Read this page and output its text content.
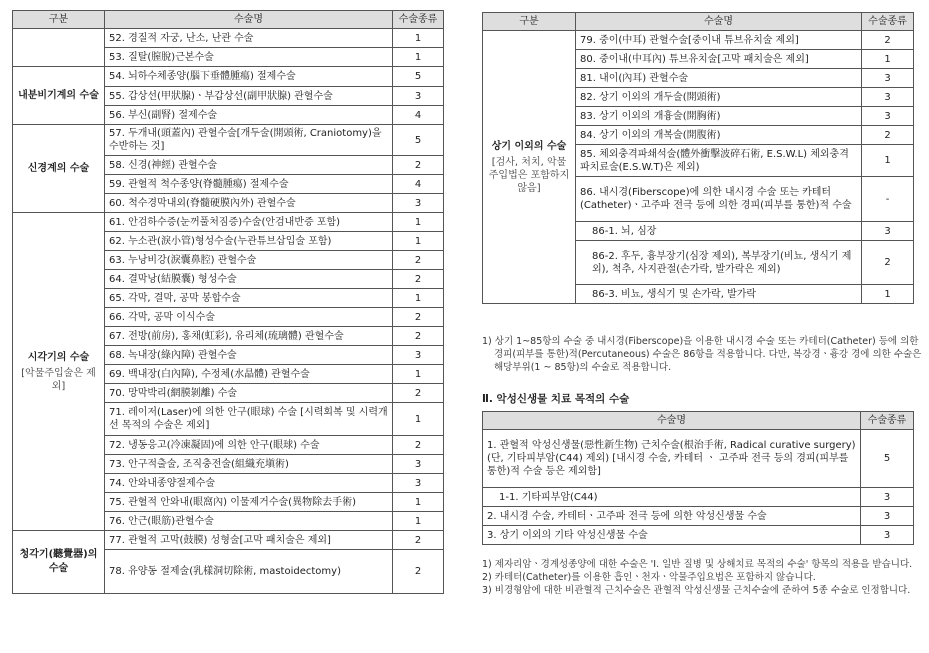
구분	수술명	수술종류
	52. 경질적 자궁, 난소, 난관 수술	1
	53. 질탈(膣脫)근본수술	1
내분비기계의 수술	54. 뇌하수체종양(腦下垂體腫瘍) 절제수술	5
	55. 갑상선(甲狀腺)ㆍ부갑상선(副甲狀腺) 관혈수술	3
	56. 부신(副腎) 절제수술	4
신경계의 수술	57. 두개내(頭蓋內) 관혈수술[개두술(開頭術, Craniotomy)을 수반하는 것]	5
	58. 신경(神經) 관혈수술	2
	59. 관혈적 척수종양(脊髓腫瘍) 절제수술	4
	60. 척수경막내외(脊髓硬膜內外) 관혈수술	3
시각기의 수술
[악물주입술은 제외]	61. 안검하수증(눈꺼풀처짐증)수술(안검내반증 포함)	1
	62. 누소관(淚小管)형성수술(누관튜브삽입술 포함)	1
	63. 누낭비강(淚囊鼻腔) 관혈수술	2
	64. 결막낭(結膜囊) 형성수술	2
	65. 각막, 결막, 공막 봉합수술	1
	66. 각막, 공막 이식수술	2
	67. 전방(前房), 홍채(虹彩), 유리체(琉璃體) 관혈수술	2
	68. 녹내장(綠內障) 관혈수술	3
	69. 백내장(白內障), 수정체(水晶體) 관혈수술	1
	70. 망막박리(網膜剝離) 수술	2
	71. 레이저(Laser)에 의한 안구(眼球) 수술 [시력회복 및 시력개선 목적의 수술은 제외]	1
	72. 냉동응고(冷凍凝固)에 의한 안구(眼球) 수술	2
	73. 안구적출술, 조직충전술(組織充塡術)	3
	74. 안와내종양절제수술	3
	75. 관혈적 안와내(眼窩內) 이물제거수술(異物除去手術)	1
	76. 안근(眼筋)관혈수술	1
청각기(聽覺器)의 수술	77. 관혈적 고막(鼓膜) 성형술[고막 패치술은 제외]	2
	78. 유양동 절제술(乳樣洞切除術, mastoidectomy)	2
구분	수술명	수술종류
상기 이외의 수술
[검사, 처치, 악물주입법은 포함하지 않음]	79. 중이(中耳) 관혈수술[중이내 튜브유치술 제외]	2
	80. 중이내(中耳內) 튜브유치술[고막 패치술은 제외]	1
	81. 내이(內耳) 관혈수술	3
	82. 상기 이외의 개두술(開頭術)	3
	83. 상기 이외의 개흉술(開胸術)	3
	84. 상기 이외의 개복술(開腹術)	2
	85. 체외충격파쇄석술(體外衝擊波碎石術, E.S.W.L) 체외충격파치료술(E.S.W.T)은 제외)	1
	86. 내시경(Fiberscope)에 의한 내시경 수술 또는 카테터(Catheter)ㆍ고주파 전극 등에 의한 경피(피부를 통한)적 수술	-
	86-1. 뇌, 심장	3
	86-2. 후두, 흉부장기(심장 제외), 복부장기(비뇨, 생식기 제외), 척추, 사지관절(손가락, 발가락은 제외)	2
	86-3. 비뇨, 생식기 및 손가락, 발가락	1

1) 상기 1~85항의 수술 중 내시경(Fiberscope)을 이용한 내시경 수술 또는 카테터(Catheter) 등에 의한 경피(피부를 통한)적(Percutaneous) 수술은 86항을 적용합니다. 다만, 복강경ㆍ흉강 경에 의한 수술은 해당부위(1 ~ 85항)의 수술로 적용합니다.

Ⅱ. 악성신생물 치료 목적의 수술
수술명	수술종류
1. 관혈적 악성신생물(惡性新生物) 근치수술(根治手術, Radical curative surgery)(단, 기타피부암(C44) 제외) [내시경 수술, 카테터 ㆍ 고주파 전극 등의 경피(피부를 통한)적 수술 등은 제외함]	5
1-1. 기타피부암(C44)	3
2. 내시경 수술, 카테터ㆍ고주파 전극 등에 의한 악성신생물 수술	3
3. 상기 이외의 기타 악성신생물 수술	3

1) 제자리암ㆍ경계성종양에 대한 수술은 'Ⅰ. 일반 질병 및 상해치료 목적의 수술' 항목의 적용을 받습니다.

2) 카테터(Catheter)를 이용한 흡인ㆍ천자ㆍ악물주입요법은 포함하지 않습니다.

3) 비경형암에 대한 비관혈적 근치수술은 관혈적 악성신생물 근치수술에 준하여 5종 수술로 인정합니다.
